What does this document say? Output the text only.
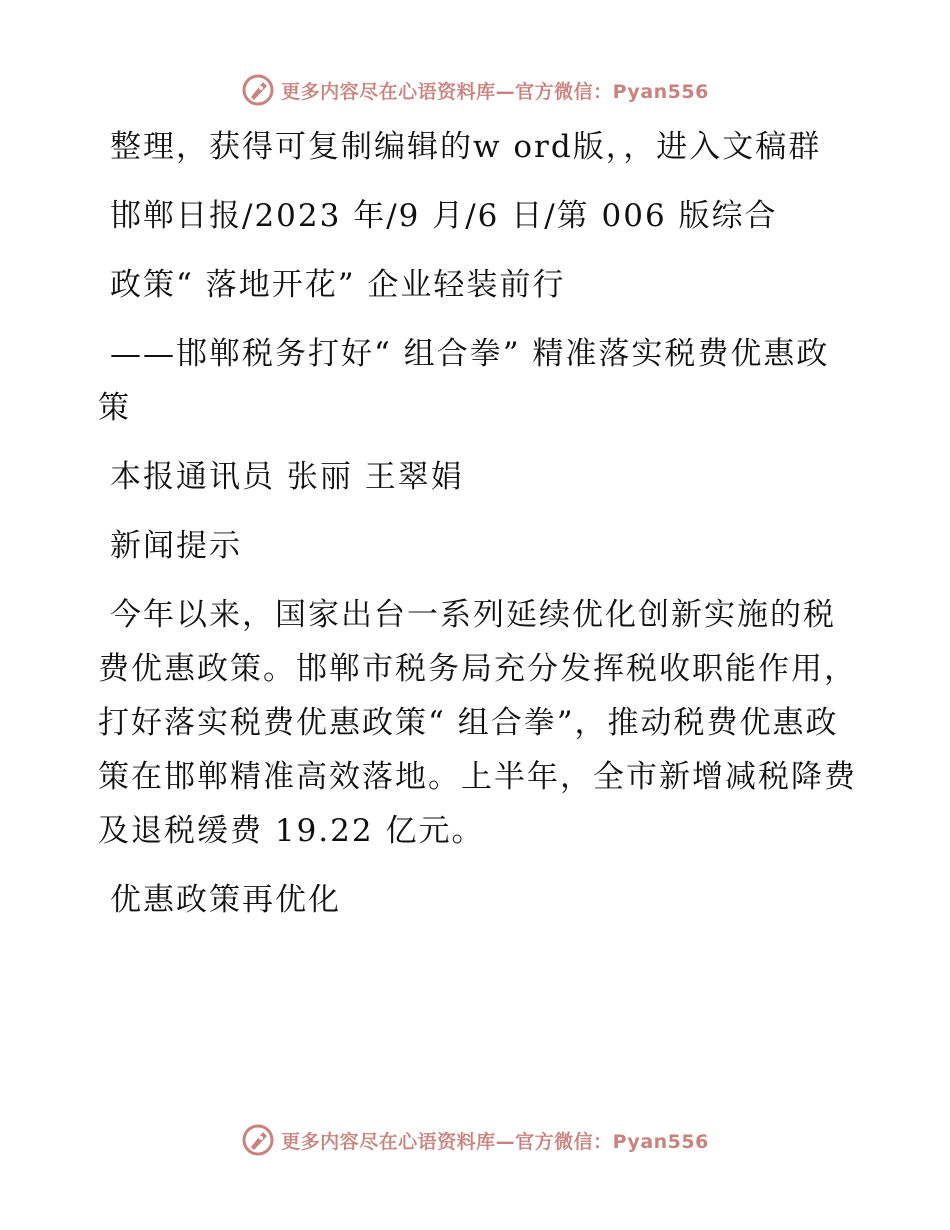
更多内容尽在心语资料库—官方微信：Pyan556

整理，获得可复制编辑的w ord版，，进入文稿群

邯郸日报/2023 年/9 月/6 日/第 006 版综合

政策“ 落地开花” 企业轻装前行

——邯郸税务打好“ 组合拳” 精准落实税费优惠政策

本报通讯员 张丽 王翠娟

新闻提示

今年以来，国家出台一系列延续优化创新实施的税费优惠政策。邯郸市税务局充分发挥税收职能作用，打好落实税费优惠政策“ 组合拳”，推动税费优惠政策在邯郸精准高效落地。上半年，全市新增减税降费及退税缓费 19.22 亿元。

优惠政策再优化

更多内容尽在心语资料库—官方微信：Pyan556
